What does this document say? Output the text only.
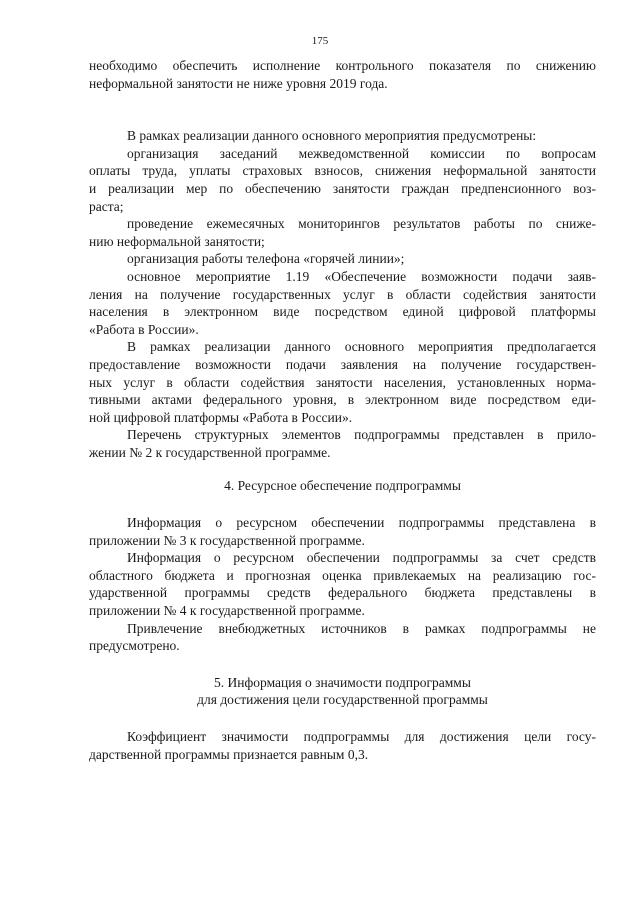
175
необходимо обеспечить исполнение контрольного показателя по снижению
неформальной занятости не ниже уровня 2019 года.
В рамках реализации данного основного мероприятия предусмотрены:
организация заседаний межведомственной комиссии по вопросам
оплаты труда, уплаты страховых взносов, снижения неформальной занятости
и реализации мер по обеспечению занятости граждан предпенсионного воз-
раста;
проведение ежемесячных мониторингов результатов работы по сниже-
нию неформальной занятости;
организация работы телефона «горячей линии»;
основное мероприятие 1.19 «Обеспечение возможности подачи заяв-
ления на получение государственных услуг в области содействия занятости
населения в электронном виде посредством единой цифровой платформы
«Работа в России».
В рамках реализации данного основного мероприятия предполагается
предоставление возможности подачи заявления на получение государствен-
ных услуг в области содействия занятости населения, установленных норма-
тивными актами федерального уровня, в электронном виде посредством еди-
ной цифровой платформы «Работа в России».
Перечень структурных элементов подпрограммы представлен в прило-
жении № 2 к государственной программе.
4. Ресурсное обеспечение подпрограммы
Информация о ресурсном обеспечении подпрограммы представлена в
приложении № 3 к государственной программе.
Информация о ресурсном обеспечении подпрограммы за счет средств
областного бюджета и прогнозная оценка привлекаемых на реализацию гос-
ударственной программы средств федерального бюджета представлены в
приложении № 4 к государственной программе.
Привлечение внебюджетных источников в рамках подпрограммы не
предусмотрено.
5. Информация о значимости подпрограммы
для достижения цели государственной программы
Коэффициент значимости подпрограммы для достижения цели госу-
дарственной программы признается равным 0,3.
